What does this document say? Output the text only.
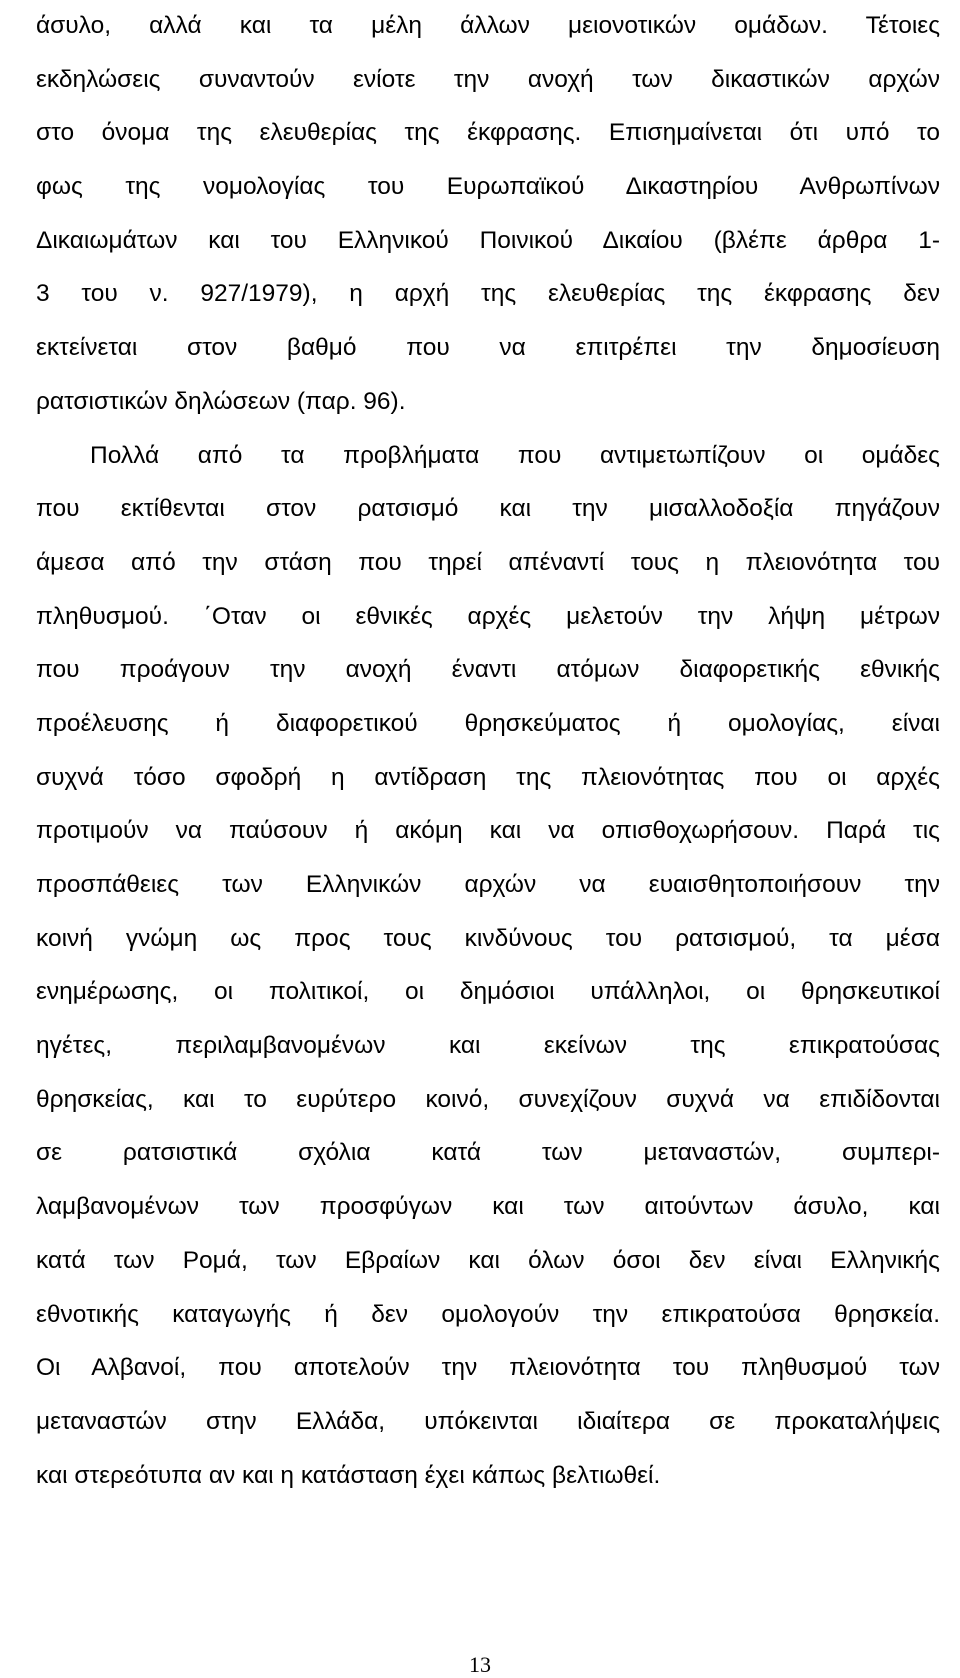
άσυλο, αλλά και τα μέλη άλλων μειονοτικών ομάδων. Τέτοιες
εκδηλώσεις συναντούν ενίοτε την ανοχή των δικαστικών αρχών
στο όνομα της ελευθερίας της έκφρασης. Επισημαίνεται ότι υπό το
φως της νομολογίας του Ευρωπαϊκού Δικαστηρίου Ανθρωπίνων
Δικαιωμάτων και του Ελληνικού Ποινικού Δικαίου (βλέπε άρθρα 1-
3 του ν. 927/1979), η αρχή της ελευθερίας της έκφρασης δεν
εκτείνεται στον βαθμό που να επιτρέπει την δημοσίευση
ρατσιστικών δηλώσεων (παρ. 96).
Πολλά από τα προβλήματα που αντιμετωπίζουν οι ομάδες
που εκτίθενται στον ρατσισμό και την μισαλλοδοξία πηγάζουν
άμεσα από την στάση που τηρεί απέναντί τους η πλειονότητα του
πληθυσμού. ΄Οταν οι εθνικές αρχές μελετούν την λήψη μέτρων
που προάγουν την ανοχή έναντι ατόμων διαφορετικής εθνικής
προέλευσης ή διαφορετικού θρησκεύματος ή ομολογίας, είναι
συχνά τόσο σφοδρή η αντίδραση της πλειονότητας που οι αρχές
προτιμούν να παύσουν ή ακόμη και να οπισθοχωρήσουν. Παρά τις
προσπάθειες των Ελληνικών αρχών να ευαισθητοποιήσουν την
κοινή γνώμη ως προς τους κινδύνους του ρατσισμού, τα μέσα
ενημέρωσης, οι πολιτικοί, οι δημόσιοι υπάλληλοι, οι θρησκευτικοί
ηγέτες, περιλαμβανομένων και εκείνων της επικρατούσας
θρησκείας, και το ευρύτερο κοινό, συνεχίζουν συχνά να επιδίδονται
σε ρατσιστικά σχόλια κατά των μεταναστών, συμπερι-
λαμβανομένων των προσφύγων και των αιτούντων άσυλο, και
κατά των Ρομά, των Εβραίων και όλων όσοι δεν είναι Ελληνικής
εθνοτικής καταγωγής ή δεν ομολογούν την επικρατούσα θρησκεία.
Οι Αλβανοί, που αποτελούν την πλειονότητα του πληθυσμού των
μεταναστών στην Ελλάδα, υπόκεινται ιδιαίτερα σε προκαταλήψεις
και στερεότυπα αν και η κατάσταση έχει κάπως βελτιωθεί.
13
